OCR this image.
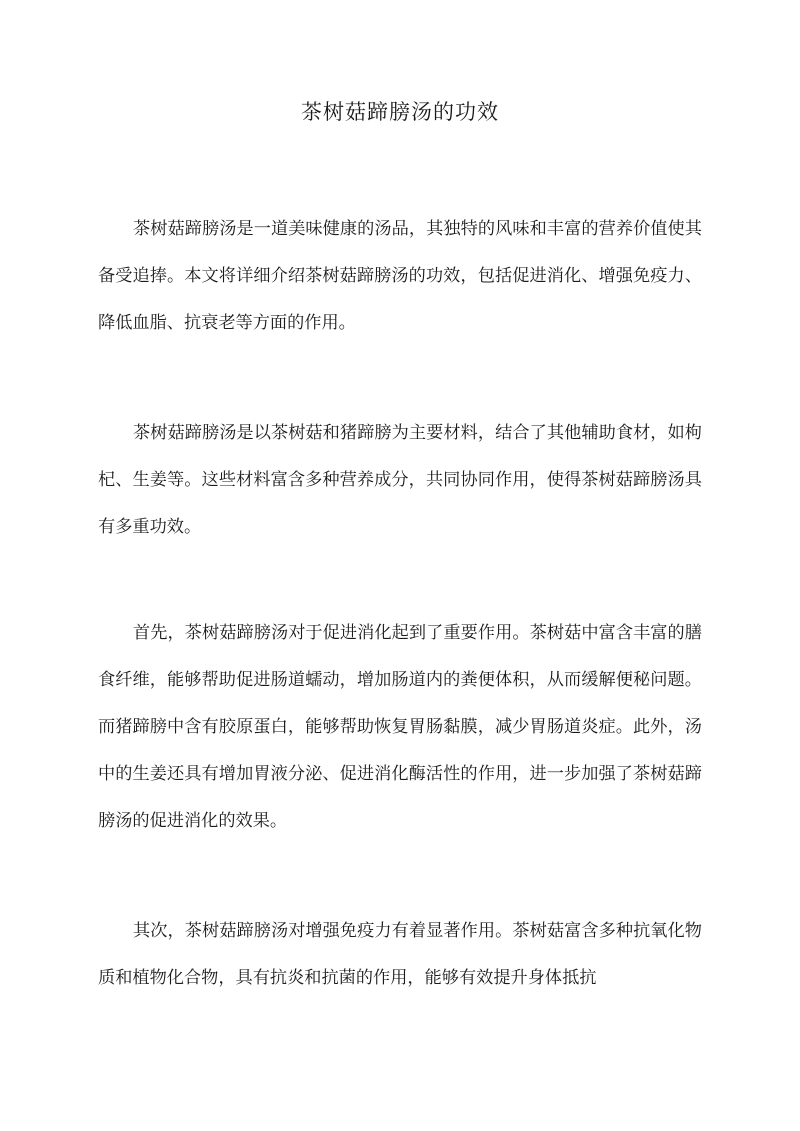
茶树菇蹄膀汤的功效

茶树菇蹄膀汤是一道美味健康的汤品，其独特的风味和丰富的营养价值使其备受追捧。本文将详细介绍茶树菇蹄膀汤的功效，包括促进消化、增强免疫力、降低血脂、抗衰老等方面的作用。

茶树菇蹄膀汤是以茶树菇和猪蹄膀为主要材料，结合了其他辅助食材，如枸杞、生姜等。这些材料富含多种营养成分，共同协同作用，使得茶树菇蹄膀汤具有多重功效。

首先，茶树菇蹄膀汤对于促进消化起到了重要作用。茶树菇中富含丰富的膳食纤维，能够帮助促进肠道蠕动，增加肠道内的粪便体积，从而缓解便秘问题。而猪蹄膀中含有胶原蛋白，能够帮助恢复胃肠黏膜，减少胃肠道炎症。此外，汤中的生姜还具有增加胃液分泌、促进消化酶活性的作用，进一步加强了茶树菇蹄膀汤的促进消化的效果。

其次，茶树菇蹄膀汤对增强免疫力有着显著作用。茶树菇富含多种抗氧化物质和植物化合物，具有抗炎和抗菌的作用，能够有效提升身体抵抗
